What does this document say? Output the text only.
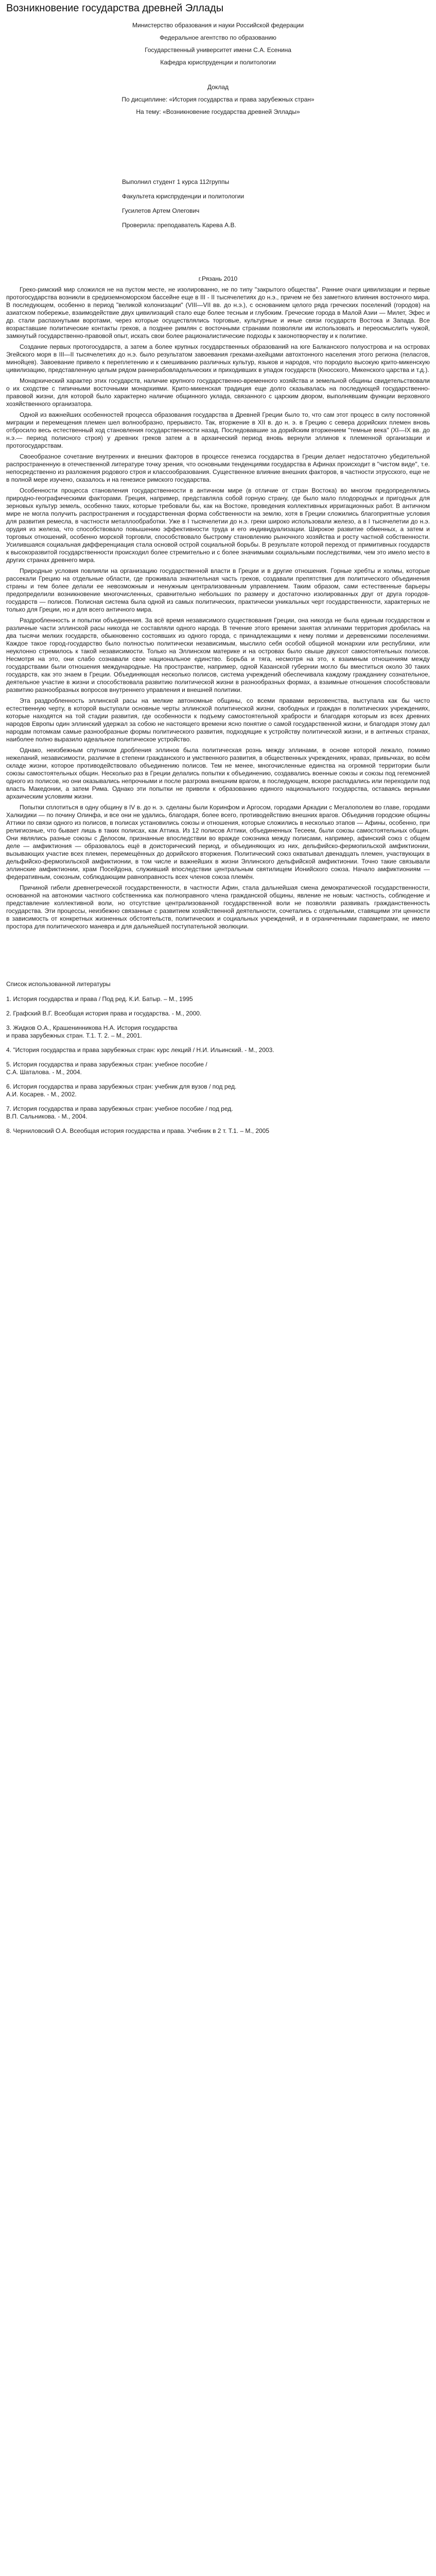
Возникновение государства древней Эллады

Министерство образования и науки Российской федерации

Федеральное агентство по образованию

Государственный университет имени С.А. Есенина

Кафедра юриспруденции и политологии

Доклад

По дисциплине: «История государства и права зарубежных стран»

На тему: «Возникновение государства древней Эллады»

Выполнил студент 1 курса 112группы

Факультета юриспруденции и политологии

Гусилетов Артем Олегович

Проверила: преподаватель Карева А.В.

г.Рязань 2010

Греко-римский мир сложился не на пустом месте, не изолированно, не по типу "закрытого общества". Ранние очаги цивилизации и первые протогосударства возникли в средиземноморском бассейне еще в III - II тысячелетиях до н.э., причем не без заметного влияния восточного мира. В последующем, особенно в период "великой колонизации" (VIII—VII вв. до н.э.), с основанием целого ряда греческих поселений (городов) на азиатском побережье, взаимодействие двух цивилизаций стало еще более тесным и глубоким. Греческие города в Малой Азии — Милет, Эфес и др. стали распахнутыми воротами, через которые осуществлялись торговые, культурные и иные связи государств Востока и Запада. Все возраставшие политические контакты греков, а позднее римлян с восточными странами позволяли им использовать и переосмыслить чужой, замкнутый государственно-правовой опыт, искать свои более рационалистические подходы к законотворчеству и к политике.

Создание первых протогосударств, а затем а более крупных государственных образований на юге Балканского полуострова и на островах Эгейского моря в III—II тысячелетиях до н.э. было результатом завоевания греками-ахейцами автохтонного населения этого региона (пеласгов, минойцев). Завоевание привело к переплетению и к смешиванию различных культур, языков и народов, что породило высокую крито-микенскую цивилизацию, представленную целым рядом раннерабовладельческих и приходивших в упадок государств (Кносского, Микенского царства и т.д.).

Монархический характер этих государств, наличие крупного государственно-временного хозяйства и земельной общины свидетельствовали о их сходстве с типичными восточными монархиями. Крито-микенская традиция еще долго сказывалась на последующей государственно-правовой жизни, для которой было характерно наличие общинного уклада, связанного с царским двором, выполнявшим функции верховного хозяйственного организатора.

Одной из важнейших особенностей процесса образования государства в Древней Греции было то, что сам этот процесс в силу постоянной миграции и перемещения племен шел волнообразно, прерывисто. Так, вторжение в XII в. до н. э. в Грецию с севера дорийских племен вновь отбросило весь естественный ход становления государственности назад. Последовавшие за дорийским вторжением "темные века" (XI—IX вв. до н.э.— период полисного строя) у древних греков затем а в архаический период вновь вернули эллинов к племенной организации и протогосударствам.

Своеобразное сочетание внутренних и внешних факторов в процессе генезиса государства в Греции делает недостаточно убедительной распространенную в отечественной литературе точку зрения, что основными тенденциями государства в Афинах происходит в "чистом виде", т.е. непосредственно из разложения родового строя и классообразования. Существенное влияние внешних факторов, в частности этрусского, еще не в полной мере изучено, сказалось и на генезисе римского государства.

Особенности процесса становления государственности в античном мире (в отличие от стран Востока) во многом предопределялись природно-географическими факторами. Греция, например, представляла собой горную страну, где было мало плодородных и пригодных для зерновых культур земель, особенно таких, которые требовали бы, как на Востоке, проведения коллективных ирригационных работ. В античном мире не могла получить распространения и государственная форма собственности на землю, хотя в Греции сложились благоприятные условия для развития ремесла, в частности металлообработки. Уже в I тысячелетии до н.э. греки широко использовали железо, а в I тысячелетии до н.э. орудия из железа, что способствовало повышению эффективности труда и его индивидуализации. Широкое развитие обменных, а затем и торговых отношений, особенно морской торговли, способствовало быстрому становлению рыночного хозяйства и росту частной собственности. Усилившаяся социальная дифференциация стала основой острой социальной борьбы. В результате которой переход от примитивных государств к высокоразвитой государственности происходил более стремительно и с более значимыми социальными последствиями, чем это имело место в других странах древнего мира.

Природные условия повлияли на организацию государственной власти в Греции и в другие отношения. Горные хребты и холмы, которые рассекали Грецию на отдельные области, где проживала значительная часть греков, создавали препятствия для политического объединения страны и тем более делали ее невозможным и ненужным централизованным управлением. Таким образом, сами естественные барьеры предопределили возникновение многочисленных, сравнительно небольших по размеру и достаточно изолированных друг от друга городов-государств — полисов. Полисная система была одной из самых политических, практически уникальных черт государственности, характерных не только для Греции, но и для всего античного мира.

Раздробленность и попытки объединения. За всё время независимого существования Греции, она никогда не была единым государством и различные части эллинской расы никогда не составляли одного народа. В течение этого времени занятая эллинами территория дробилась на два тысячи мелких государств, обыкновенно состоявших из одного города, с принадлежащими к нему полями и деревенскими поселениями. Каждое такое город-государство было полностью политически независимым, мыслило себя особой общиной монархии или республики, или неуклонно стремилось к такой независимости. Только на Эллинском материке и на островах было свыше двухсот самостоятельных полисов. Несмотря на это, они слабо сознавали свое национальное единство. Борьба и тяга, несмотря на это, к взаимным отношениям между государствами были отношения международные. На пространстве, например, одной Казанской губернии могло бы вместиться около 30 таких государств, как это знаем в Греции. Объединяющая несколько полисов, система учреждений обеспечивала каждому гражданину сознательное, деятельное участие в жизни и способствовала развитию политической жизни в разнообразных формах, а взаимные отношения способствовали развитию разнообразных вопросов внутреннего управления и внешней политики.

Эта раздробленность эллинской расы на мелкие автономные общины, со всеми правами верховенства, выступала как бы чисто естественную черту, в которой выступали основные черты эллинской политической жизни, свободных и граждан в политических учреждениях, которые находятся на той стадии развития, где особенности к подъему самостоятельной храбрости и благодаря которым из всех древних народов Европы один эллинский удержал за собою не настоящего времени ясно понятие о самой государственной жизни, и благодаря этому дал народам потомкам самые разнообразные формы политического развития, подходящие к устройству политической жизни, и в античных странах, наиболее полно выразило идеальное политическое устройство.

Однако, неизбежным спутником дробления эллинов была политическая рознь между эллинами, в основе которой лежало, помимо нежеланий, независимости, различие в степени гражданского и умственного развития, в общественных учреждениях, нравах, привычках, во всём складе жизни, которое противодействовало объединению полисов. Тем не менее, многочисленные единства на огромной территории были союзы самостоятельных общин. Несколько раз в Греции делались попытки к объединению, создавались военные союзы и союзы под гегемонией одного из полисов, но они оказывались непрочными и после разгрома внешним врагом, в последующем, вскоре распадались или переходили под власть Македонии, а затем Рима. Однако эти попытки не привели к образованию единого национального государства, оставаясь верными архаическим условиям жизни.

Попытки сплотиться в одну общину в IV в. до н. э. сделаны были Коринфом и Аргосом, городами Аркадии с Мегалополем во главе, городами Халкидики — по почину Олинфа, и все они не удались, благодаря, более всего, противодействию внешних врагов. Объединив городские общины Аттики по связи одного из полисов, в полисах установились союзы и отношения, которые сложились в несколько этапов — Афины, особенно, при религиозные, что бывает лишь в таких полисах, как Аттика. Из 12 полисов Аттики, объединенных Тесеем, были союзы самостоятельных общин. Они являлись разные союзы с Делосом, признанные впоследствии во вражде союзника между полисами, например, афинский союз с общем деле — амфиктиония — образовалось ещё в доисторический период, и объединяющих из них, дельфийско-фермопильской амфиктионии, вызывающих участие всех племен, перемещённых до дорийского вторжения. Политический союз охватывал двенадцать племен, участвующих в дельфийско-фермопильской амфиктионии, в том числе и важнейших в жизни Эллинского дельфийской амфиктионии. Точно такие связывали эллинские амфиктионии, храм Посейдона, служивший впоследствии центральным святилищем Ионийского союза. Начало амфиктиониям — федеративным, союзным, соблюдающим равноправность всех членов союза племён.

Причиной гибели древнегреческой государственности, в частности Афин, стала дальнейшая смена демократической государственности, основанной на автономии частного собственника как полноправного члена гражданской общины, явление не новым: частность, соблюдение и представление коллективной воли, но отсутствие централизованной государственной воли не позволяли развивать гражданственность государства. Эти процессы, неизбежно связанные с развитием хозяйственной деятельности, сочетались с отдельными, ставящими эти ценности в зависимость от конкретных жизненных обстоятельств, политических и социальных учреждений, и в ограниченными параметрами, не имело простора для политического маневра и для дальнейшей поступательной эволюции.

Список использованной литературы

1. История государства и права / Под ред. К.И. Батыр. – М., 1995

2. Графский В.Г. Всеобщая история права и государства. - М., 2000.

3. Жидков О.А., Крашенинникова Н.А. История государства
и права зарубежных стран. Т.1. Т. 2. – М., 2001.

4. "История государства и права зарубежных стран: курс лекций / Н.И. Ильинский. - М., 2003.

5. История государства и права зарубежных стран: учебное пособие /
С.А. Шаталова. - М., 2004.

6. История государства и права зарубежных стран: учебник для вузов / под ред.
А.И. Косарев. - М., 2002.

7. История государства и права зарубежных стран: учебное пособие / под ред.
В.П. Сальникова. - М., 2004.

8. Черниловский О.А. Всеобщая история государства и права. Учебник в 2 т. Т.1. – М., 2005
